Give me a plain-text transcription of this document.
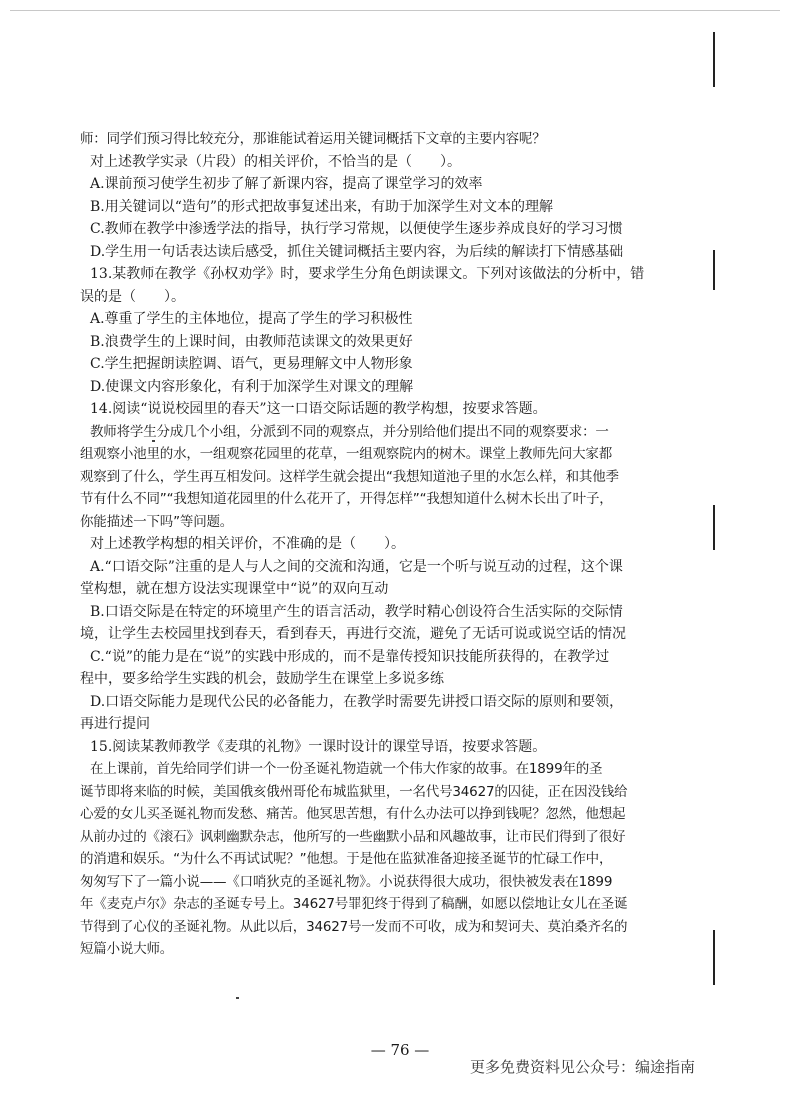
师：同学们预习得比较充分，那谁能试着运用关键词概括下文章的主要内容呢？

对上述教学实录（片段）的相关评价，不恰当的是（　　）。

A.课前预习使学生初步了解了新课内容，提高了课堂学习的效率

B.用关键词以“造句”的形式把故事复述出来，有助于加深学生对文本的理解

C.教师在教学中渗透学法的指导，执行学习常规，以便使学生逐步养成良好的学习习惯

D.学生用一句话表达读后感受，抓住关键词概括主要内容，为后续的解读打下情感基础

13.某教师在教学《孙权劝学》时，要求学生分角色朗读课文。下列对该做法的分析中，错

误的是（　　）。

A.尊重了学生的主体地位，提高了学生的学习积极性

B.浪费学生的上课时间，由教师范读课文的效果更好

C.学生把握朗读腔调、语气，更易理解文中人物形象

D.使课文内容形象化，有利于加深学生对课文的理解

14.阅读“说说校园里的春天”这一口语交际话题的教学构想，按要求答题。

教师将学生分成几个小组，分派到不同的观察点，并分别给他们提出不同的观察要求：一

组观察小池里的水，一组观察花园里的花草，一组观察院内的树木。课堂上教师先问大家都

观察到了什么，学生再互相发问。这样学生就会提出“我想知道池子里的水怎么样，和其他季

节有什么不同”“我想知道花园里的什么花开了，开得怎样”“我想知道什么树木长出了叶子，

你能描述一下吗”等问题。

对上述教学构想的相关评价，不准确的是（　　）。

A.“口语交际”注重的是人与人之间的交流和沟通，它是一个听与说互动的过程，这个课

堂构想，就在想方设法实现课堂中“说”的双向互动

B.口语交际是在特定的环境里产生的语言活动，教学时精心创设符合生活实际的交际情

境，让学生去校园里找到春天，看到春天，再进行交流，避免了无话可说或说空话的情况

C.“说”的能力是在“说”的实践中形成的，而不是靠传授知识技能所获得的，在教学过

程中，要多给学生实践的机会，鼓励学生在课堂上多说多练

D.口语交际能力是现代公民的必备能力，在教学时需要先讲授口语交际的原则和要领，

再进行提问

15.阅读某教师教学《麦琪的礼物》一课时设计的课堂导语，按要求答题。

在上课前，首先给同学们讲一个一份圣诞礼物造就一个伟大作家的故事。在1899年的圣

诞节即将来临的时候，美国俄亥俄州哥伦布城监狱里，一名代号34627的囚徒，正在因没钱给

心爱的女儿买圣诞礼物而发愁、痛苦。他冥思苦想，有什么办法可以挣到钱呢？忽然，他想起

从前办过的《滚石》讽刺幽默杂志，他所写的一些幽默小品和风趣故事，让市民们得到了很好

的消遣和娱乐。“为什么不再试试呢？”他想。于是他在监狱准备迎接圣诞节的忙碌工作中，

匆匆写下了一篇小说——《口哨狄克的圣诞礼物》。小说获得很大成功，很快被发表在1899

年《麦克卢尔》杂志的圣诞专号上。34627号罪犯终于得到了稿酬，如愿以偿地让女儿在圣诞

节得到了心仪的圣诞礼物。从此以后，34627号一发而不可收，成为和契诃夫、莫泊桑齐名的

短篇小说大师。

— 76 —
更多免费资料见公众号：编途指南
